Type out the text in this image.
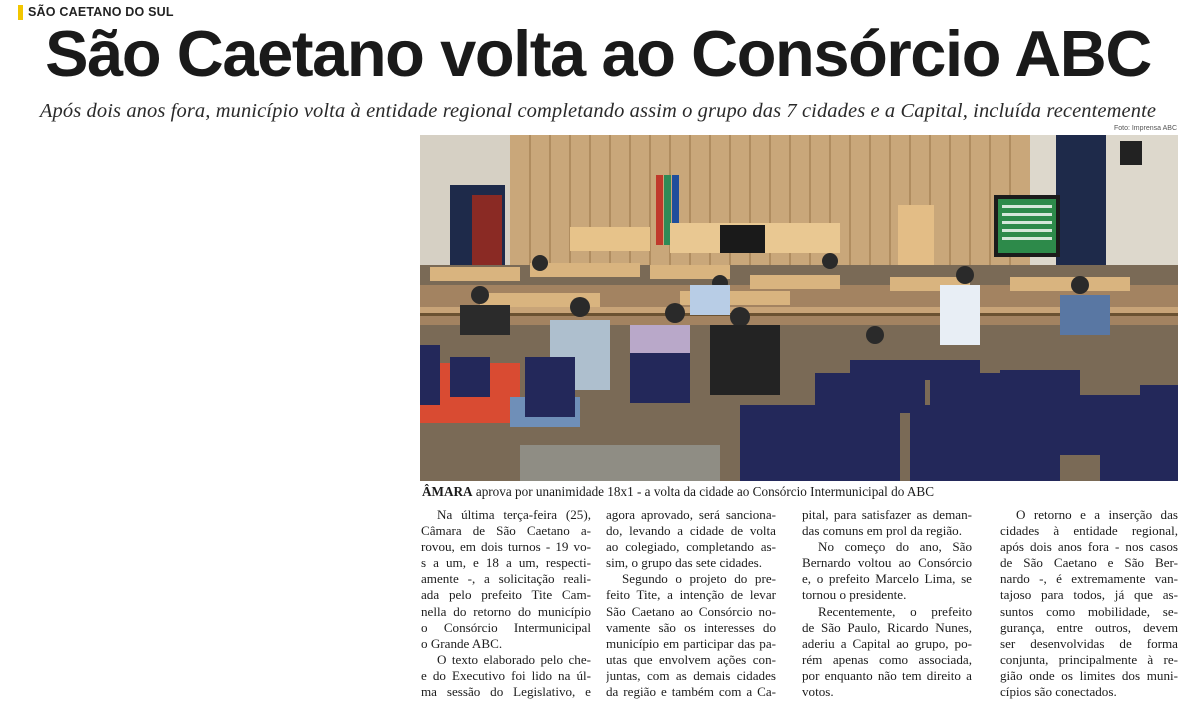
SÃO CAETANO DO SUL
São Caetano volta ao Consórcio ABC
Após dois anos fora, município volta à entidade regional completando assim o grupo das 7 cidades e a Capital, incluída recentemente
Foto: Imprensa ABC
ÂMARA aprova por unanimidade 18x1 - a volta da cidade ao Consórcio Intermunicipal do ABC
Na última terça-feira (25),
Câmara de São Caetano a-
rovou, em dois turnos - 19 vo-
s a um, e 18 a um, respecti-
amente -, a solicitação reali-
ada pelo prefeito Tite Cam-
nella do retorno do município
o Consórcio Intermunicipal
o Grande ABC.
O texto elaborado pelo che-
e do Executivo foi lido na úl-
ma sessão do Legislativo, e
agora aprovado, será sanciona-
do, levando a cidade de volta
ao colegiado, completando as-
sim, o grupo das sete cidades.
Segundo o projeto do pre-
feito Tite, a intenção de levar
São Caetano ao Consórcio no-
vamente são os interesses do
município em participar das pa-
utas que envolvem ações con-
juntas, com as demais cidades
da região e também com a Ca-
pital, para satisfazer as deman-
das comuns em prol da região.
No começo do ano, São
Bernardo voltou ao Consórcio
e, o prefeito Marcelo Lima, se
tornou o presidente.
Recentemente, o prefeito
de São Paulo, Ricardo Nunes,
aderiu a Capital ao grupo, po-
rém apenas como associada,
por enquanto não tem direito a
votos.
O retorno e a inserção das
cidades à entidade regional,
após dois anos fora - nos casos
de São Caetano e São Ber-
nardo -, é extremamente van-
tajoso para todos, já que as-
suntos como mobilidade, se-
gurança, entre outros, devem
ser desenvolvidas de forma
conjunta, principalmente à re-
gião onde os limites dos muni-
cípios são conectados.
